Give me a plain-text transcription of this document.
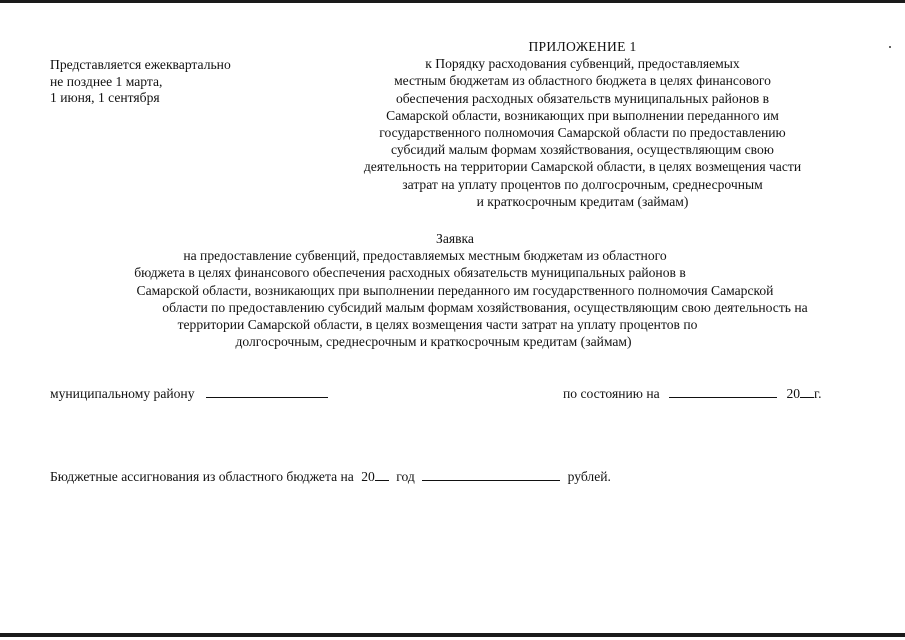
Представляется ежеквартально
не позднее 1 марта,
1 июня, 1 сентября
ПРИЛОЖЕНИЕ 1
к Порядку расходования субвенций, предоставляемых
местным бюджетам из областного бюджета в целях финансового
обеспечения расходных обязательств муниципальных районов в
Самарской области, возникающих при выполнении переданного им
государственного полномочия Самарской области по предоставлению
субсидий малым формам хозяйствования, осуществляющим свою
деятельность на территории Самарской области, в целях возмещения части
затрат на уплату процентов по долгосрочным, среднесрочным
и краткосрочным кредитам (займам)
Заявка
на предоставление субвенций, предоставляемых местным бюджетам из областного
бюджета в целях финансового обеспечения расходных обязательств муниципальных районов в
Самарской области, возникающих при выполнении переданного им государственного полномочия Самарской
области по предоставлению субсидий малым формам хозяйствования, осуществляющим свою деятельность на
территории Самарской области, в целях возмещения части затрат на уплату процентов по
долгосрочным, среднесрочным и краткосрочным кредитам (займам)
муниципальному району	по состоянию на	20 г.
Бюджетные ассигнования из областного бюджета на 20 год	рублей.
